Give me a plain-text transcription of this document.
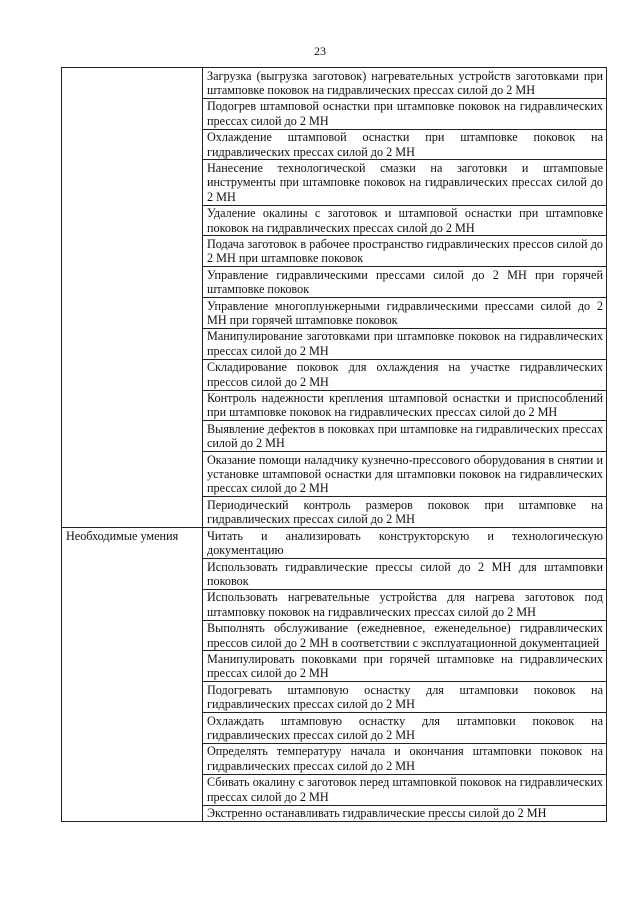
23
	Загрузка (выгрузка заготовок) нагревательных устройств заготовками при штамповке поковок на гидравлических прессах силой до 2 МН
	Подогрев штамповой оснастки при штамповке поковок на гидравлических прессах силой до 2 МН
	Охлаждение штамповой оснастки при штамповке поковок на гидравлических прессах силой до 2 МН
	Нанесение технологической смазки на заготовки и штамповые инструменты при штамповке поковок на гидравлических прессах силой до 2 МН
	Удаление окалины с заготовок и штамповой оснастки при штамповке поковок на гидравлических прессах силой до 2 МН
	Подача заготовок в рабочее пространство гидравлических прессов силой до 2 МН при штамповке поковок
	Управление гидравлическими прессами силой до 2 МН при горячей штамповке поковок
	Управление многоплунжерными гидравлическими прессами силой до 2 МН при горячей штамповке поковок
	Манипулирование заготовками при штамповке поковок на гидравлических прессах силой до 2 МН
	Складирование поковок для охлаждения на участке гидравлических прессов силой до 2 МН
	Контроль надежности крепления штамповой оснастки и приспособлений при штамповке поковок на гидравлических прессах силой до 2 МН
	Выявление дефектов в поковках при штамповке на гидравлических прессах силой до 2 МН
	Оказание помощи наладчику кузнечно-прессового оборудования в снятии и установке штамповой оснастки для штамповки поковок на гидравлических прессах силой до 2 МН
	Периодический контроль размеров поковок при штамповке на гидравлических прессах силой до 2 МН
Необходимые умения	Читать и анализировать конструкторскую и технологическую документацию
	Использовать гидравлические прессы силой до 2 МН для штамповки поковок
	Использовать нагревательные устройства для нагрева заготовок под штамповку поковок на гидравлических прессах силой до 2 МН
	Выполнять обслуживание (ежедневное, еженедельное) гидравлических прессов силой до 2 МН в соответствии с эксплуатационной документацией
	Манипулировать поковками при горячей штамповке на гидравлических прессах силой до 2 МН
	Подогревать штамповую оснастку для штамповки поковок на гидравлических прессах силой до 2 МН
	Охлаждать штамповую оснастку для штамповки поковок на гидравлических прессах силой до 2 МН
	Определять температуру начала и окончания штамповки поковок на гидравлических прессах силой до 2 МН
	Сбивать окалину с заготовок перед штамповкой поковок на гидравлических прессах силой до 2 МН
	Экстренно останавливать гидравлические прессы силой до 2 МН
